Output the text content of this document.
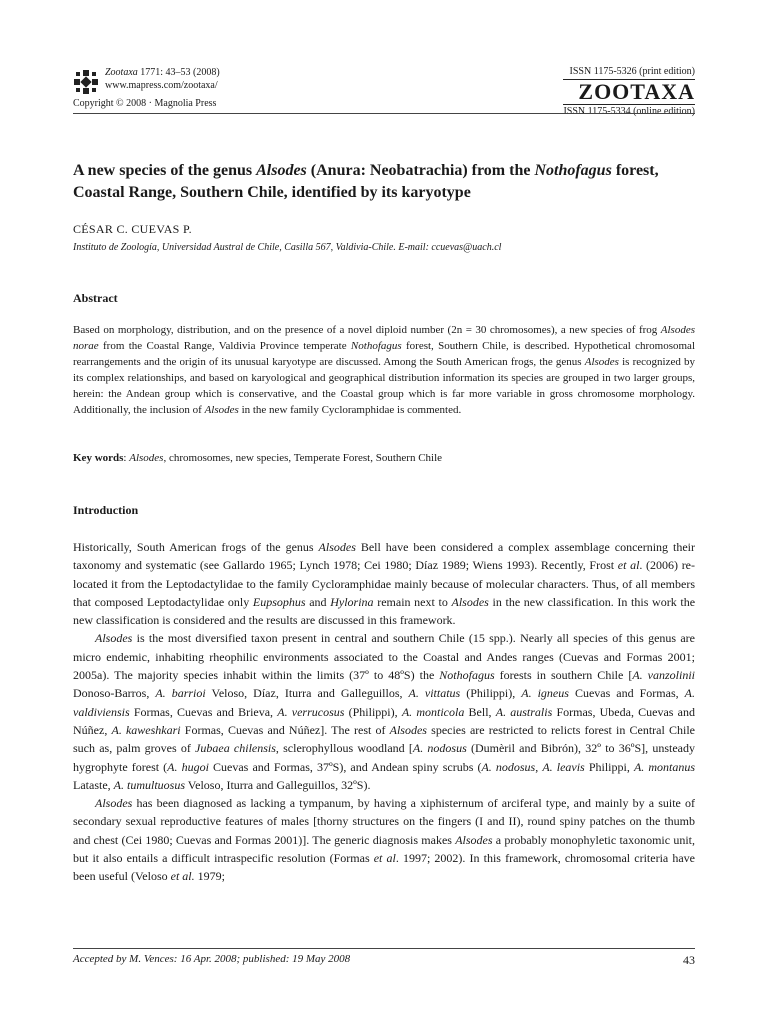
Zootaxa 1771: 43–53 (2008)
www.mapress.com/zootaxa/
Copyright © 2008 · Magnolia Press
ISSN 1175-5326 (print edition)
ZOOTAXA
ISSN 1175-5334 (online edition)
A new species of the genus Alsodes (Anura: Neobatrachia) from the Nothofagus forest, Coastal Range, Southern Chile, identified by its karyotype
CÉSAR C. CUEVAS P.
Instituto de Zoología, Universidad Austral de Chile, Casilla 567, Valdivia-Chile. E-mail: ccuevas@uach.cl
Abstract
Based on morphology, distribution, and on the presence of a novel diploid number (2n = 30 chromosomes), a new species of frog Alsodes norae from the Coastal Range, Valdivia Province temperate Nothofagus forest, Southern Chile, is described. Hypothetical chromosomal rearrangements and the origin of its unusual karyotype are discussed. Among the South American frogs, the genus Alsodes is recognized by its complex relationships, and based on karyological and geographical distribution information its species are grouped in two larger groups, herein: the Andean group which is conservative, and the Coastal group which is far more variable in gross chromosome morphology. Additionally, the inclusion of Alsodes in the new family Cycloramphidae is commented.
Key words: Alsodes, chromosomes, new species, Temperate Forest, Southern Chile
Introduction

Historically, South American frogs of the genus Alsodes Bell have been considered a complex assemblage concerning their taxonomy and systematic (see Gallardo 1965; Lynch 1978; Cei 1980; Díaz 1989; Wiens 1993). Recently, Frost et al. (2006) re-located it from the Leptodactylidae to the family Cycloramphidae mainly because of molecular characters. Thus, of all members that composed Leptodactylidae only Eupsophus and Hylorina remain next to Alsodes in the new classification. In this work the new classification is considered and the results are discussed in this framework.

Alsodes is the most diversified taxon present in central and southern Chile (15 spp.). Nearly all species of this genus are micro endemic, inhabiting rheophilic environments associated to the Coastal and Andes ranges (Cuevas and Formas 2001; 2005a). The majority species inhabit within the limits (37º to 48ºS) the Nothofagus forests in southern Chile [A. vanzolinii Donoso-Barros, A. barrioi Veloso, Díaz, Iturra and Galleguillos, A. vittatus (Philippi), A. igneus Cuevas and Formas, A. valdiviensis Formas, Cuevas and Brieva, A. verrucosus (Philippi), A. monticola Bell, A. australis Formas, Ubeda, Cuevas and Núñez, A. kaweshkari Formas, Cuevas and Núñez]. The rest of Alsodes species are restricted to relicts forest in Central Chile such as, palm groves of Jubaea chilensis, sclerophyllous woodland [A. nodosus (Dumèril and Bibrón), 32º to 36ºS], unsteady hygrophyte forest (A. hugoi Cuevas and Formas, 37ºS), and Andean spiny scrubs (A. nodosus, A. leavis Philippi, A. montanus Lataste, A. tumultuosus Veloso, Iturra and Galleguillos, 32ºS).

Alsodes has been diagnosed as lacking a tympanum, by having a xiphisternum of arciferal type, and mainly by a suite of secondary sexual reproductive features of males [thorny structures on the fingers (I and II), round spiny patches on the thumb and chest (Cei 1980; Cuevas and Formas 2001)]. The generic diagnosis makes Alsodes a probably monophyletic taxonomic unit, but it also entails a difficult intraspecific resolution (Formas et al. 1997; 2002). In this framework, chromosomal criteria have been useful (Veloso et al. 1979;

Accepted by M. Vences: 16 Apr. 2008; published: 19 May 2008	43
